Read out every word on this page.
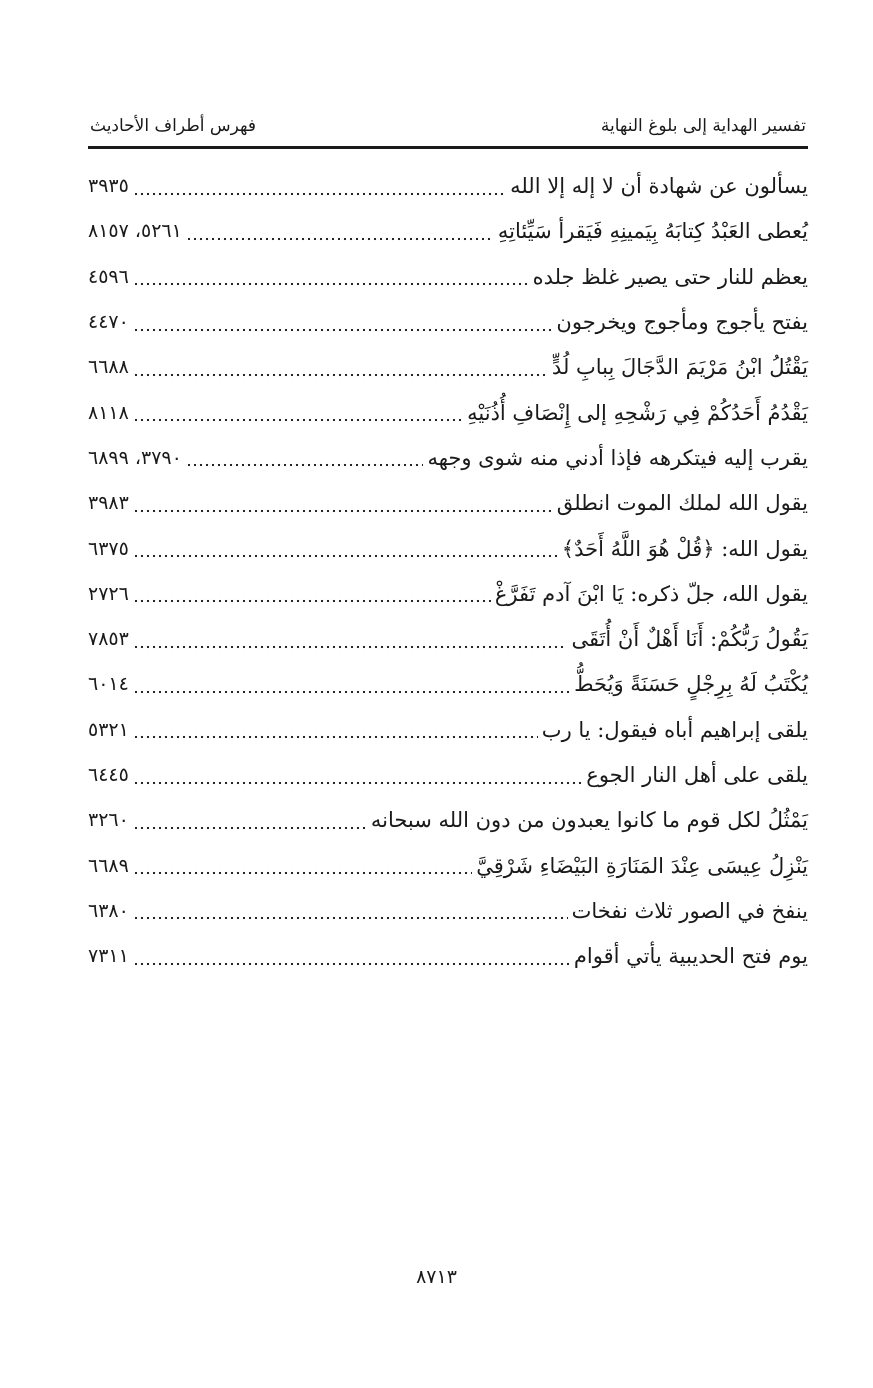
تفسير الهداية إلى بلوغ النهاية
فهرس أطراف الأحاديث
يسألون عن شهادة أن لا إله إلا الله
٣٩٣٥
يُعطى العَبْدُ كِتابَهُ بِيَمينِهِ فَيَقرأ سَيِّئاتِهِ
٥٢٦١، ٨١٥٧
يعظم للنار حتى يصير غلظ جلده
٤٥٩٦
يفتح يأجوج ومأجوج ويخرجون
٤٤٧٠
يَقْتُلُ ابْنُ مَرْيَمَ الدَّجَالَ بِبابِ لُدٍّ
٦٦٨٨
يَقْدُمُ أَحَدُكُمْ فِي رَشْحِهِ إلى إِنْصَافِ أُذُنَيْهِ
٨١١٨
يقرب إليه فيتكرهه فإذا أدني منه شوى وجهه
٣٧٩٠، ٦٨٩٩
يقول الله لملك الموت انطلق
٣٩٨٣
يقول الله: ﴿قُلْ هُوَ اللَّهُ أَحَدٌ﴾
٦٣٧٥
يقول الله، جلّ ذكره: يَا ابْنَ آدم تَفَرَّغْ
٢٧٢٦
يَقُولُ رَبُّكُمْ: أَنَا أَهْلٌ أَنْ أُتَقَى
٧٨٥٣
يُكْتَبُ لَهُ بِرِجْلٍ حَسَنَةً وَيُحَطُّ
٦٠١٤
يلقى إبراهيم أباه فيقول: يا رب
٥٣٢١
يلقى على أهل النار الجوع
٦٤٤٥
يَمْثُلُ لكل قوم ما كانوا يعبدون من دون الله سبحانه
٣٢٦٠
يَنْزِلُ عِيسَى عِنْدَ المَنَارَةِ البَيْضَاءِ شَرْقِيَّ
٦٦٨٩
ينفخ في الصور ثلاث نفخات
٦٣٨٠
يوم فتح الحديبية يأتي أقوام
٧٣١١
٨٧١٣
